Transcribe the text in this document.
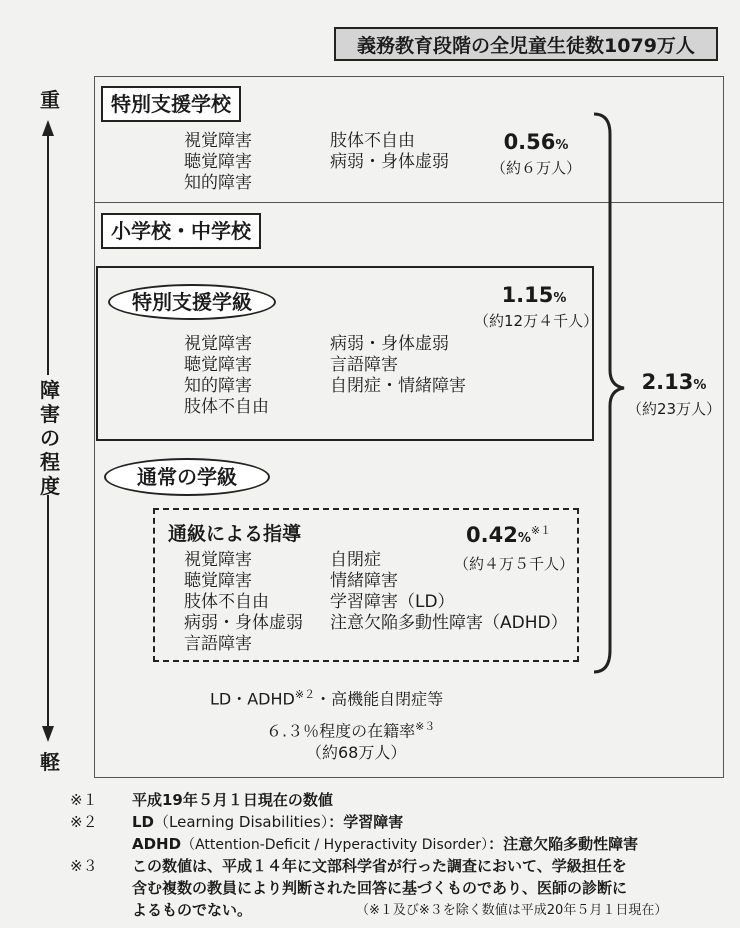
義務教育段階の全児童生徒数1079万人
重
軽
障
害
の
程
度
特別支援学校
視覚障害
聴覚障害
知的障害
肢体不自由
病弱・身体虚弱
0.56%
（約６万人）
小学校・中学校
特別支援学級	1.15%
（約12万４千人）
視覚障害
聴覚障害
知的障害
肢体不自由
病弱・身体虚弱
言語障害
自閉症・情緒障害
通常の学級
通級による指導	0.42%$^{※1}$
（約４万５千人）
視覚障害
聴覚障害
肢体不自由
病弱・身体虚弱
言語障害
自閉症
情緒障害
学習障害（LD）
注意欠陥多動性障害（ADHD）
2.13%
（約23万人）
LD・ADHD$^{※2}$・高機能自閉症等
６.３％程度の在籍率$^{※3}$
（約68万人）
※１ 平成19年５月１日現在の数値
※２ LD（Learning Disabilities）：学習障害
ADHD（Attention-Deficit / Hyperactivity Disorder）：注意欠陥多動性障害
※３ この数値は、平成１４年に文部科学省が行った調査において、学級担任を
含む複数の教員により判断された回答に基づくものであり、医師の診断に
よるものでない。	（※１及び※３を除く数値は平成20年５月１日現在）
